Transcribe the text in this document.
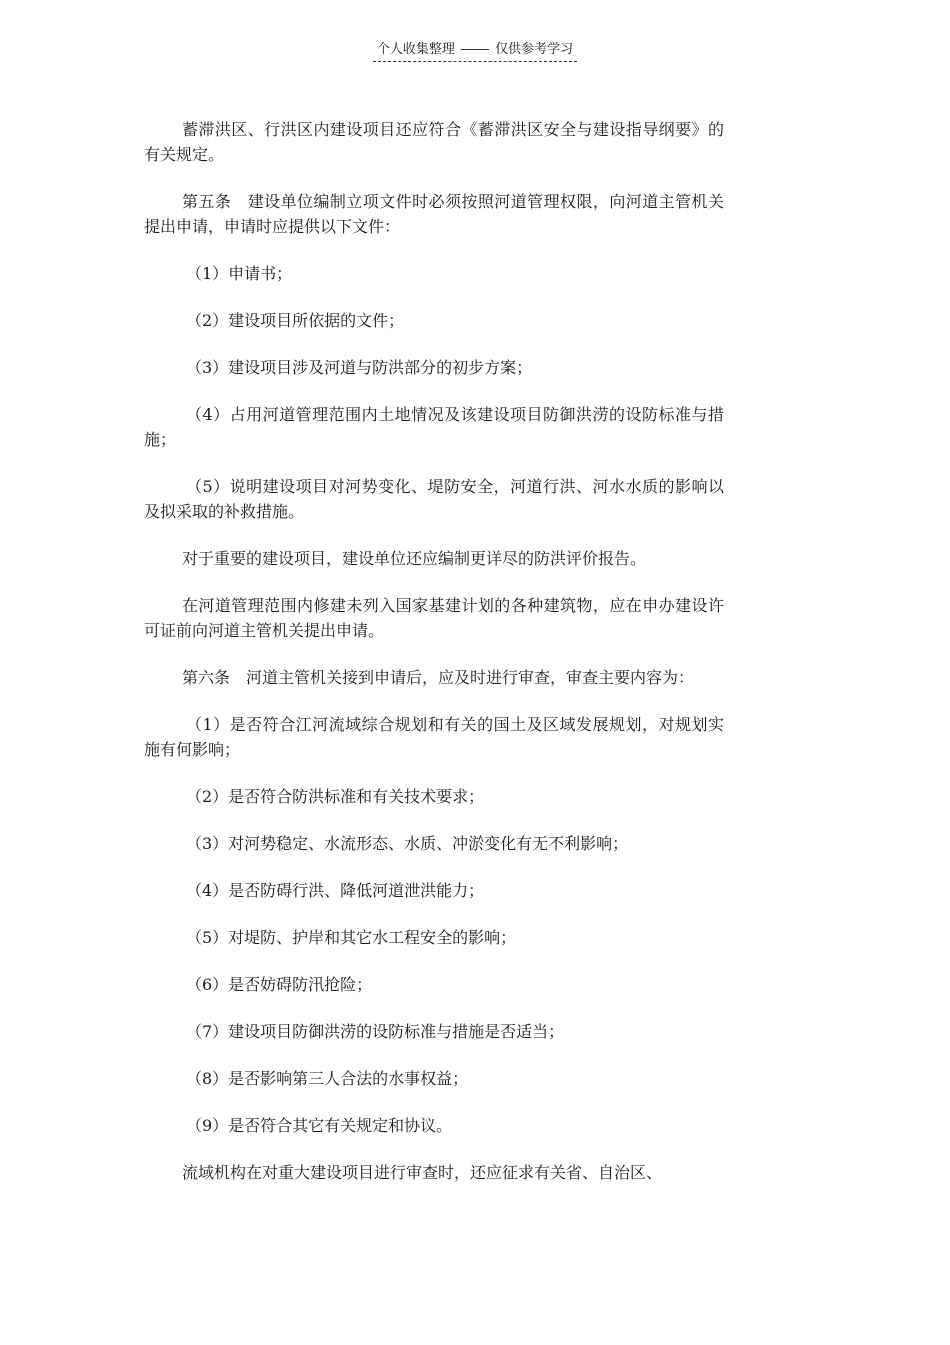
个人收集整理	仅供参考学习

蓄滞洪区、行洪区内建设项目还应符合《蓄滞洪区安全与建设指导纲要》的有关规定。

第五条　建设单位编制立项文件时必须按照河道管理权限，向河道主管机关提出申请，申请时应提供以下文件：

（1）申请书；

（2）建设项目所依据的文件；

（3）建设项目涉及河道与防洪部分的初步方案；

（4）占用河道管理范围内土地情况及该建设项目防御洪涝的设防标准与措施；

（5）说明建设项目对河势变化、堤防安全，河道行洪、河水水质的影响以及拟采取的补救措施。

对于重要的建设项目，建设单位还应编制更详尽的防洪评价报告。

在河道管理范围内修建未列入国家基建计划的各种建筑物，应在申办建设许可证前向河道主管机关提出申请。

第六条　河道主管机关接到申请后，应及时进行审查，审查主要内容为：

（1）是否符合江河流域综合规划和有关的国土及区域发展规划，对规划实施有何影响；

（2）是否符合防洪标准和有关技术要求；

（3）对河势稳定、水流形态、水质、冲淤变化有无不利影响；

（4）是否防碍行洪、降低河道泄洪能力；

（5）对堤防、护岸和其它水工程安全的影响；

（6）是否妨碍防汛抢险；

（7）建设项目防御洪涝的设防标准与措施是否适当；

（8）是否影响第三人合法的水事权益；

（9）是否符合其它有关规定和协议。

流域机构在对重大建设项目进行审查时，还应征求有关省、自治区、
